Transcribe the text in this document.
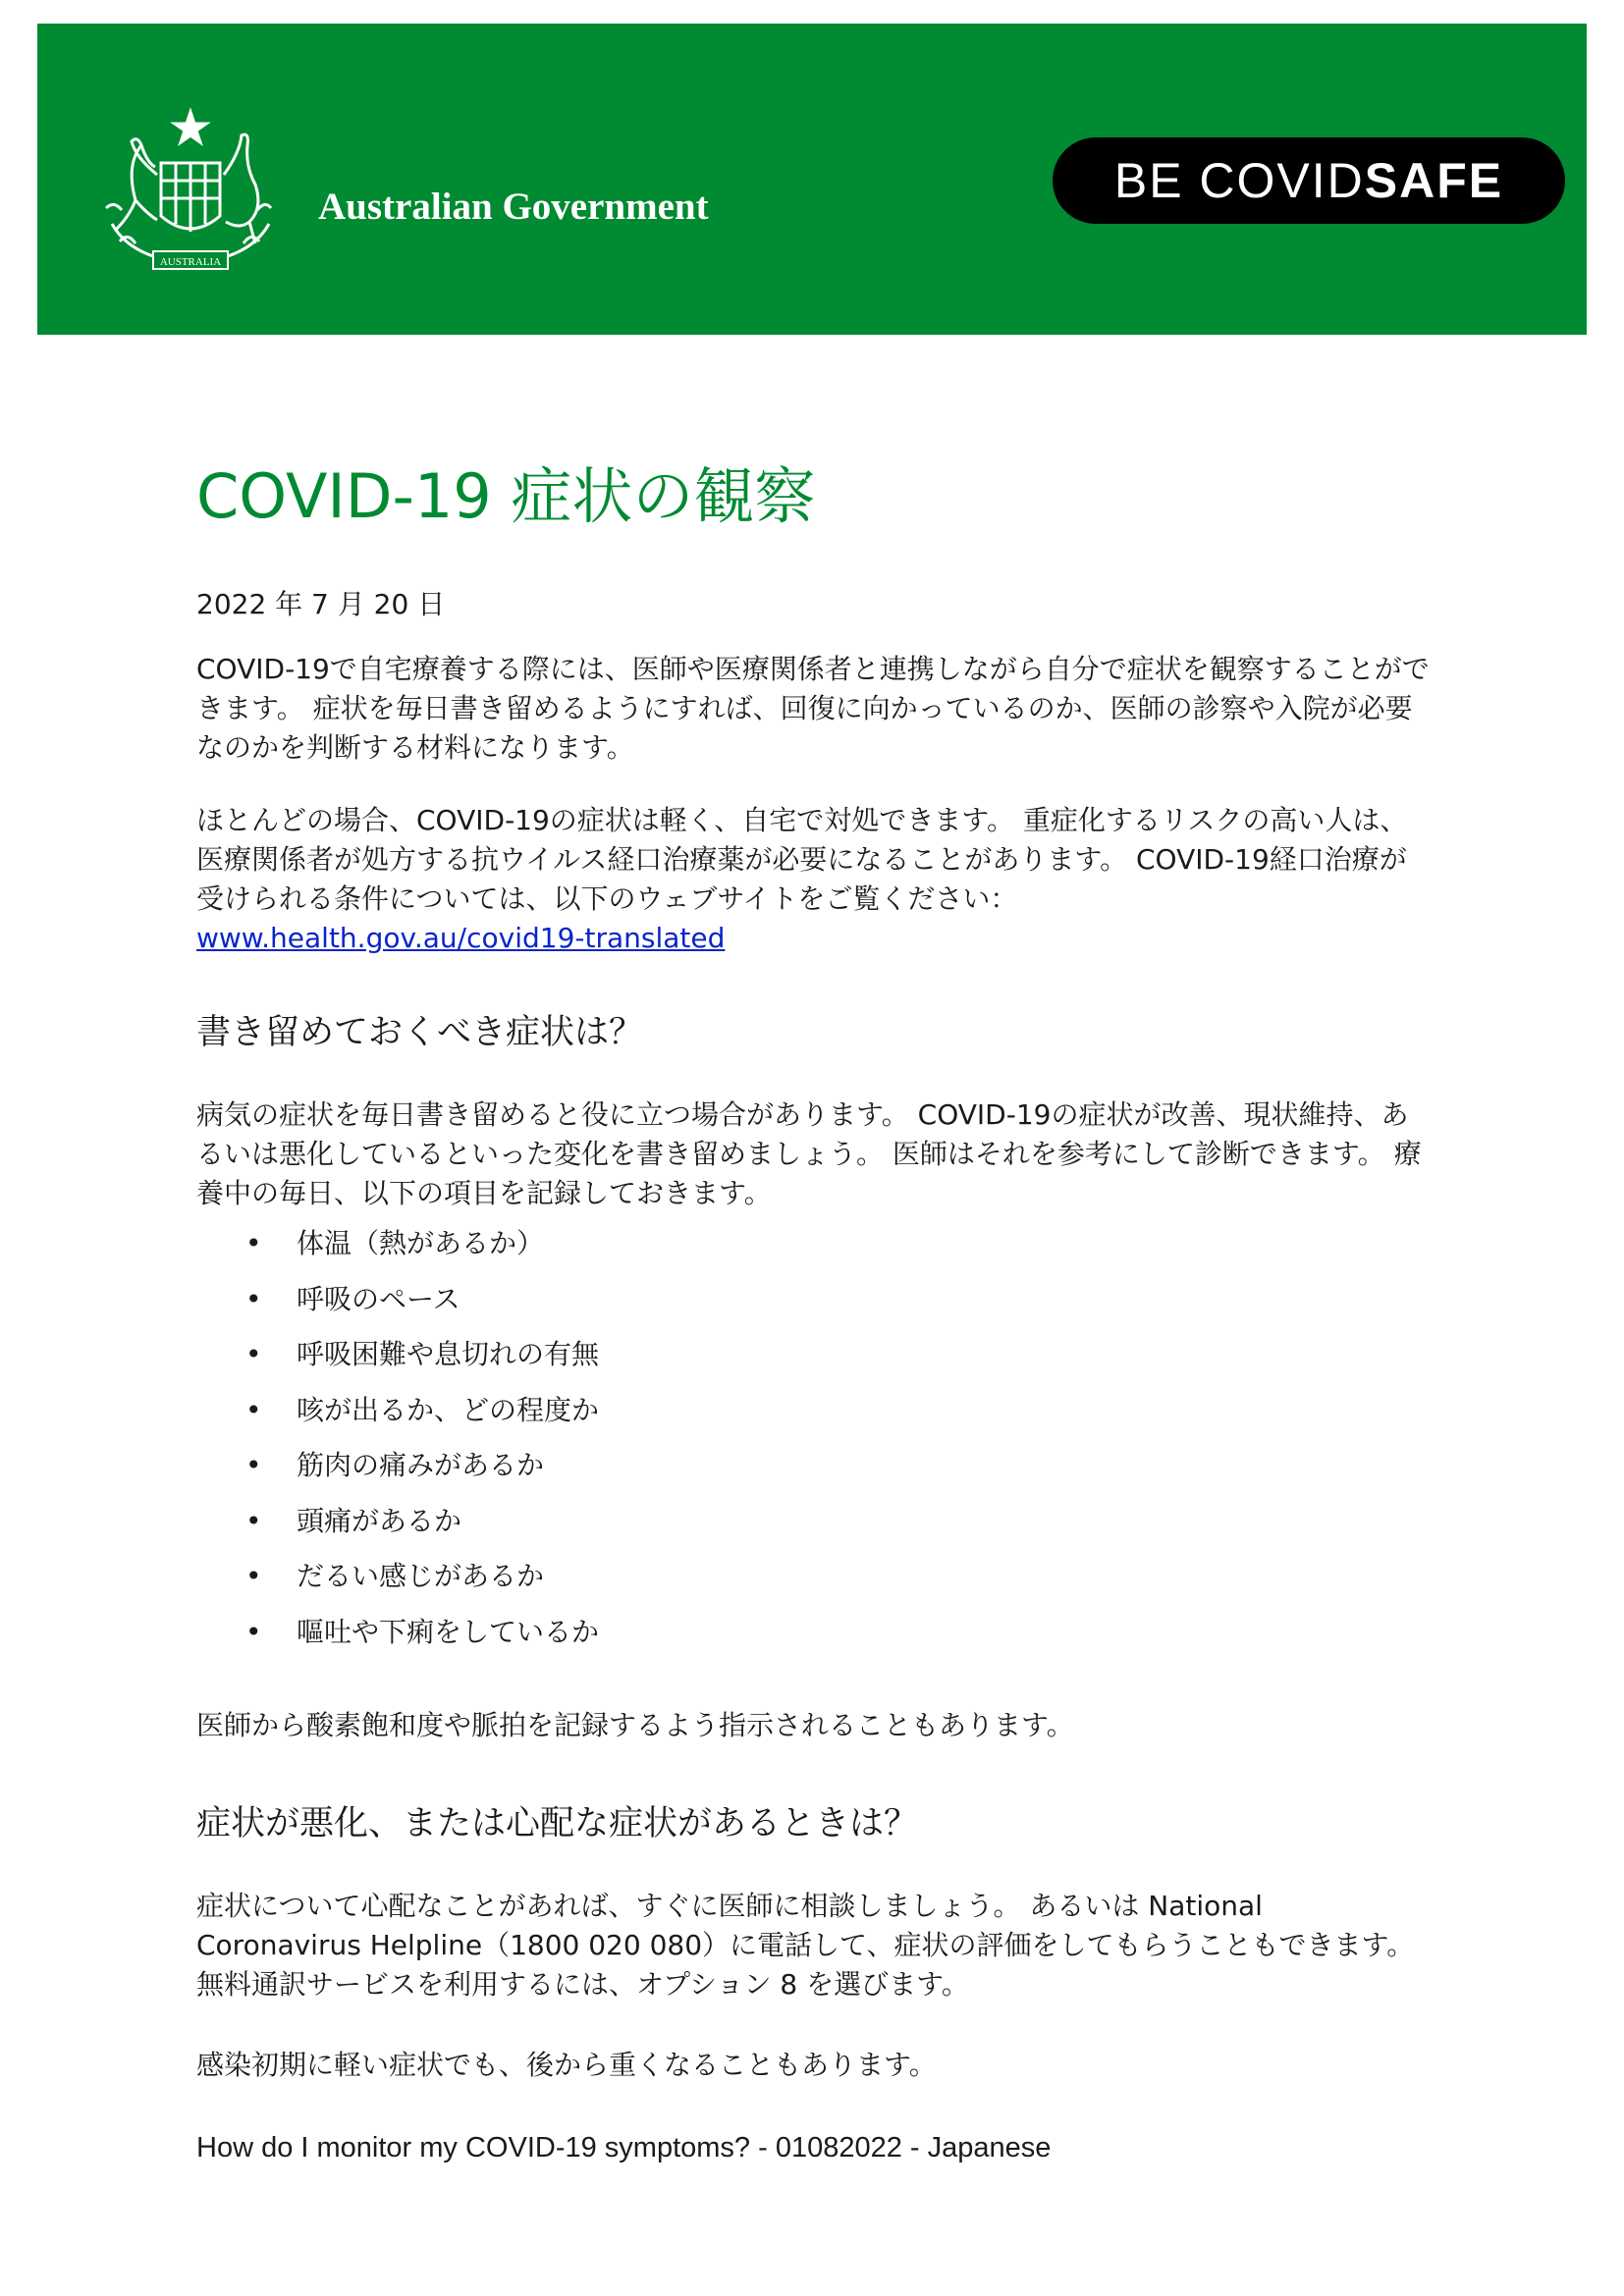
AUSTRALIA
Australian Government	BE COVID SAFE
COVID-19 症状の観察

2022 年 7 月 20 日

COVID-19で自宅療養する際には、医師や医療関係者と連携しながら自分で症状を観察することができます。 症状を毎日書き留めるようにすれば、回復に向かっているのか、医師の診察や入院が必要なのかを判断する材料になります。

ほとんどの場合、COVID-19の症状は軽く、自宅で対処できます。 重症化するリスクの高い人は、医療関係者が処方する抗ウイルス経口治療薬が必要になることがあります。 COVID-19経口治療が受けられる条件については、以下のウェブサイトをご覧ください：
www.health.gov.au/covid19-translated

書き留めておくべき症状は？

病気の症状を毎日書き留めると役に立つ場合があります。 COVID-19の症状が改善、現状維持、あるいは悪化しているといった変化を書き留めましょう。 医師はそれを参考にして診断できます。 療養中の毎日、以下の項目を記録しておきます。

• 体温（熱があるか）
• 呼吸のペース
• 呼吸困難や息切れの有無
• 咳が出るか、どの程度か
• 筋肉の痛みがあるか
• 頭痛があるか
• だるい感じがあるか
• 嘔吐や下痢をしているか

医師から酸素飽和度や脈拍を記録するよう指示されることもあります。

症状が悪化、または心配な症状があるときは？

症状について心配なことがあれば、すぐに医師に相談しましょう。 あるいは National Coronavirus Helpline（1800 020 080）に電話して、症状の評価をしてもらうこともできます。 無料通訳サービスを利用するには、オプション 8 を選びます。

感染初期に軽い症状でも、後から重くなることもあります。

How do I monitor my COVID-19 symptoms? - 01082022 - Japanese
